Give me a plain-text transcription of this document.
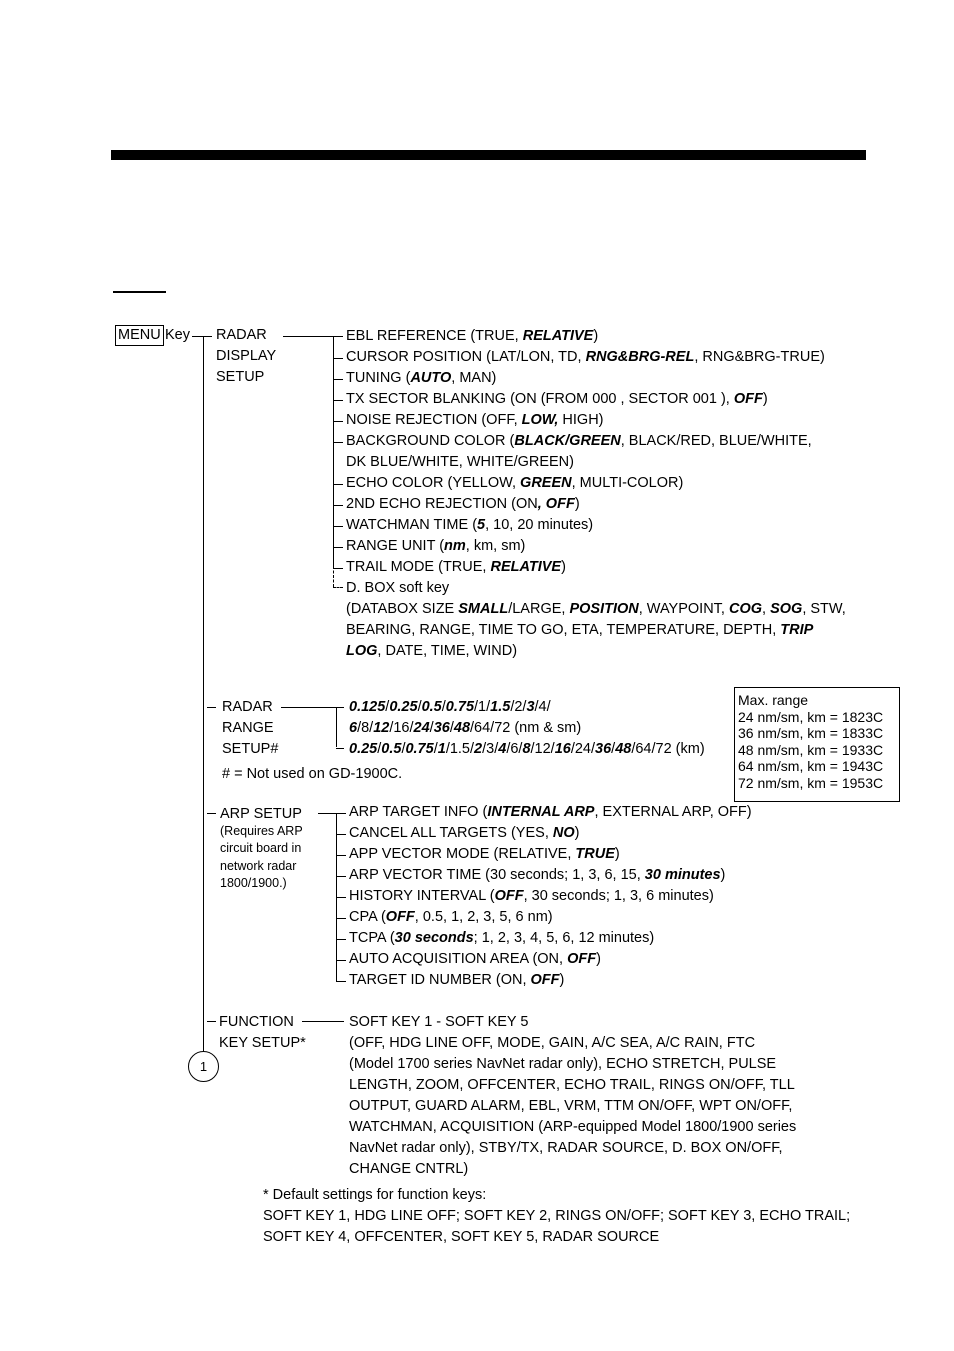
MENU Key RADAR
DISPLAY
SETUP
EBL REFERENCE (TRUE, RELATIVE)
CURSOR POSITION (LAT/LON, TD, RNG&BRG-REL, RNG&BRG-TRUE)
TUNING (AUTO, MAN)
TX SECTOR BLANKING (ON (FROM 000 , SECTOR 001 ), OFF)
NOISE REJECTION (OFF, LOW, HIGH)
BACKGROUND COLOR (BLACK/GREEN, BLACK/RED, BLUE/WHITE,
DK BLUE/WHITE, WHITE/GREEN)
ECHO COLOR (YELLOW, GREEN, MULTI-COLOR)
2ND ECHO REJECTION (ON, OFF)
WATCHMAN TIME (5, 10, 20 minutes)
RANGE UNIT (nm, km, sm)
TRAIL MODE (TRUE, RELATIVE)
D. BOX soft key
(DATABOX SIZE SMALL/LARGE, POSITION, WAYPOINT, COG, SOG, STW,
BEARING, RANGE, TIME TO GO, ETA, TEMPERATURE, DEPTH, TRIP
LOG, DATE, TIME, WIND)
RADAR
RANGE
SETUP#
0.125/0.25/0.5/0.75/1/1.5/2/3/4/
6/8/12/16/24/36/48/64/72 (nm & sm)
0.25/0.5/0.75/1/1.5/2/3/4/6/8/12/16/24/36/48/64/72 (km)
# = Not used on GD-1900C.
Max. range
24 nm/sm, km = 1823C
36 nm/sm, km = 1833C
48 nm/sm, km = 1933C
64 nm/sm, km = 1943C
72 nm/sm, km = 1953C
ARP SETUP
(Requires ARP
circuit board in
network radar
1800/1900.)
ARP TARGET INFO (INTERNAL ARP, EXTERNAL ARP, OFF)
CANCEL ALL TARGETS (YES, NO)
APP VECTOR MODE (RELATIVE, TRUE)
ARP VECTOR TIME (30 seconds; 1, 3, 6, 15, 30 minutes)
HISTORY INTERVAL (OFF, 30 seconds; 1, 3, 6 minutes)
CPA (OFF, 0.5, 1, 2, 3, 5, 6 nm)
TCPA (30 seconds; 1, 2, 3, 4, 5, 6, 12 minutes)
AUTO ACQUISITION AREA (ON, OFF)
TARGET ID NUMBER (ON, OFF)
FUNCTION
KEY SETUP*
SOFT KEY 1 - SOFT KEY 5
(OFF, HDG LINE OFF, MODE, GAIN, A/C SEA, A/C RAIN, FTC
(Model 1700 series NavNet radar only), ECHO STRETCH, PULSE
LENGTH, ZOOM, OFFCENTER, ECHO TRAIL, RINGS ON/OFF, TLL
OUTPUT, GUARD ALARM, EBL, VRM, TTM ON/OFF, WPT ON/OFF,
WATCHMAN, ACQUISITION (ARP-equipped Model 1800/1900 series
NavNet radar only), STBY/TX, RADAR SOURCE, D. BOX ON/OFF,
CHANGE CNTRL)
* Default settings for function keys:
SOFT KEY 1, HDG LINE OFF; SOFT KEY 2, RINGS ON/OFF; SOFT KEY 3, ECHO TRAIL;
SOFT KEY 4, OFFCENTER, SOFT KEY 5, RADAR SOURCE
1
